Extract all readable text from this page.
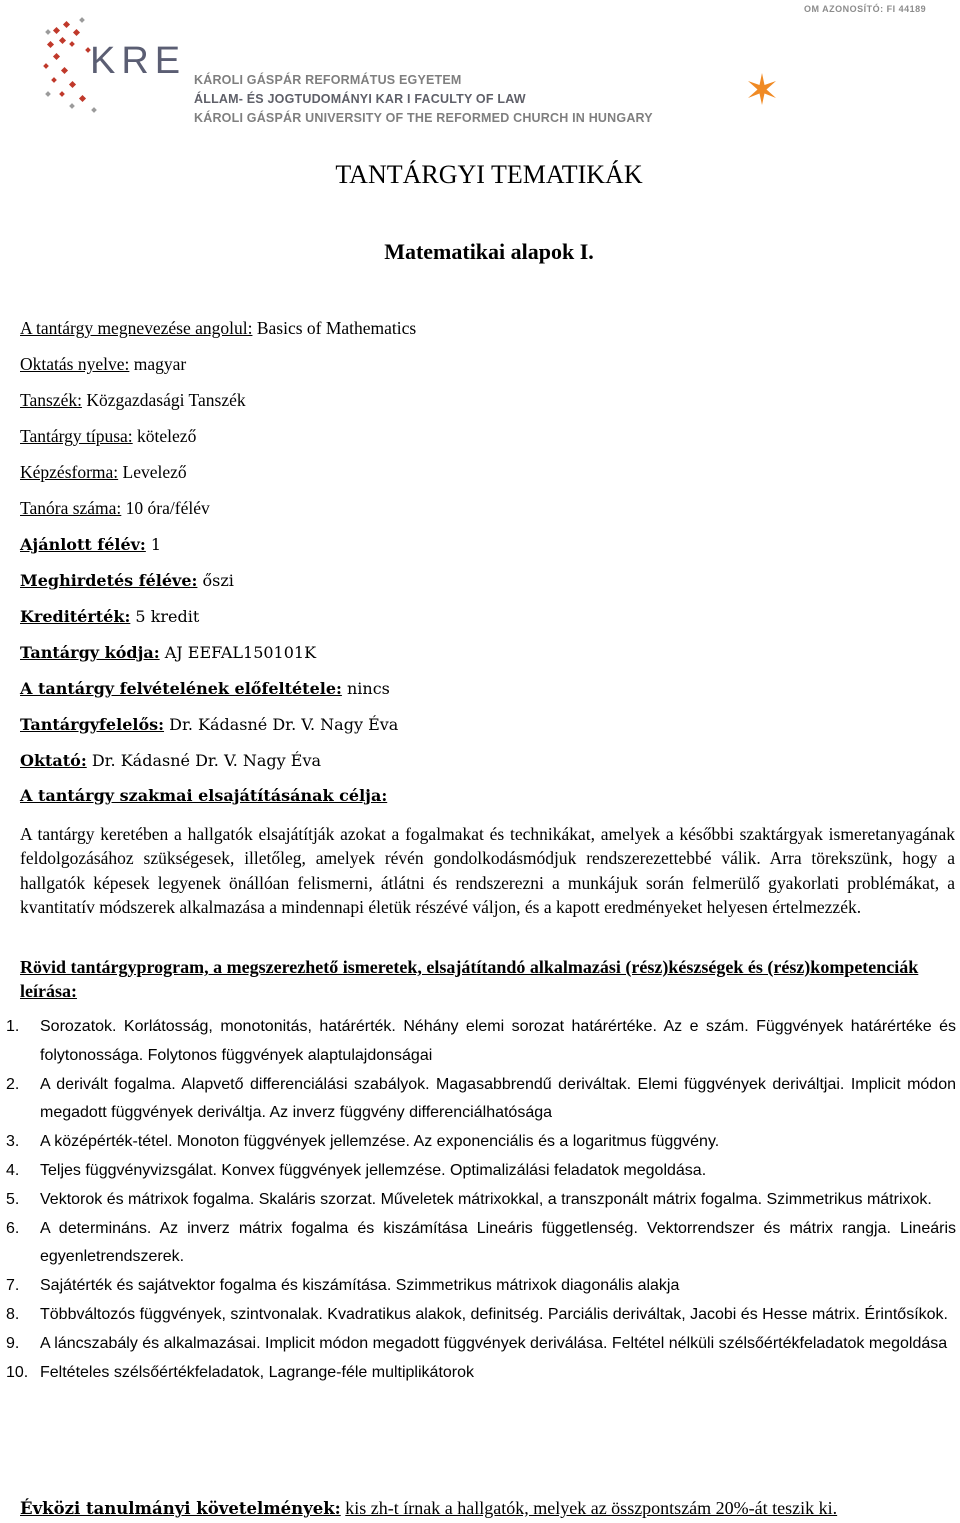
OM AZONOSÍTÓ: FI 44189
KRE KÁROLI GÁSPÁR REFORMÁTUS EGYETEM
ÁLLAM- ÉS JOGTUDOMÁNYI KAR I FACULTY OF LAW
KÁROLI GÁSPÁR UNIVERSITY OF THE REFORMED CHURCH IN HUNGARY
TANTÁRGYI TEMATIKÁK
Matematikai alapok I.
A tantárgy megnevezése angolul: Basics of Mathematics
Oktatás nyelve: magyar
Tanszék: Közgazdasági Tanszék
Tantárgy típusa: kötelező
Képzésforma: Levelező
Tanóra száma: 10 óra/félév
Ajánlott félév: 1
Meghirdetés féléve: őszi
Kreditérték: 5 kredit
Tantárgy kódja: AJ EEFAL150101K
A tantárgy felvételének előfeltétele: nincs
Tantárgyfelelős: Dr. Kádasné Dr. V. Nagy Éva
Oktató: Dr. Kádasné Dr. V. Nagy Éva
A tantárgy szakmai elsajátításának célja:
A tantárgy keretében a hallgatók elsajátítják azokat a fogalmakat és technikákat, amelyek a későbbi szaktárgyak ismeretanyagának feldolgozásához szükségesek, illetőleg, amelyek révén gondolkodásmódjuk rendszerezettebbé válik. Arra törekszünk, hogy a hallgatók képesek legyenek önállóan felismerni, átlátni és rendszerezni a munkájuk során felmerülő gyakorlati problémákat, a kvantitatív módszerek alkalmazása a mindennapi életük részévé váljon, és a kapott eredményeket helyesen értelmezzék.
Rövid tantárgyprogram, a megszerezhető ismeretek, elsajátítandó alkalmazási (rész)készségek és (rész)kompetenciák leírása:
1. Sorozatok. Korlátosság, monotonitás, határérték. Néhány elemi sorozat határértéke. Az e szám. Függvények határértéke és folytonossága. Folytonos függvények alaptulajdonságai
2. A derivált fogalma. Alapvető differenciálási szabályok. Magasabbrendű deriváltak. Elemi függvények deriváltjai. Implicit módon megadott függvények deriváltja. Az inverz függvény differenciálhatósága
3. A középérték-tétel. Monoton függvények jellemzése. Az exponenciális és a logaritmus függvény.
4. Teljes függvényvizsgálat. Konvex függvények jellemzése. Optimalizálási feladatok megoldása.
5. Vektorok és mátrixok fogalma. Skaláris szorzat. Műveletek mátrixokkal, a transzponált mátrix fogalma. Szimmetrikus mátrixok.
6. A determináns. Az inverz mátrix fogalma és kiszámítása Lineáris függetlenség. Vektorrendszer és mátrix rangja. Lineáris egyenletrendszerek.
7. Sajátérték és sajátvektor fogalma és kiszámítása. Szimmetrikus mátrixok diagonális alakja
8. Többváltozós függvények, szintvonalak. Kvadratikus alakok, definitség. Parciális deriváltak, Jacobi és Hesse mátrix. Érintősíkok.
9. A láncszabály és alkalmazásai. Implicit módon megadott függvények deriválása. Feltétel nélküli szélsőértékfeladatok megoldása
10. Feltételes szélsőértékfeladatok, Lagrange-féle multiplikátorok
Évközi tanulmányi követelmények: kis zh-t írnak a hallgatók, melyek az összpontszám 20%-át teszik ki.
